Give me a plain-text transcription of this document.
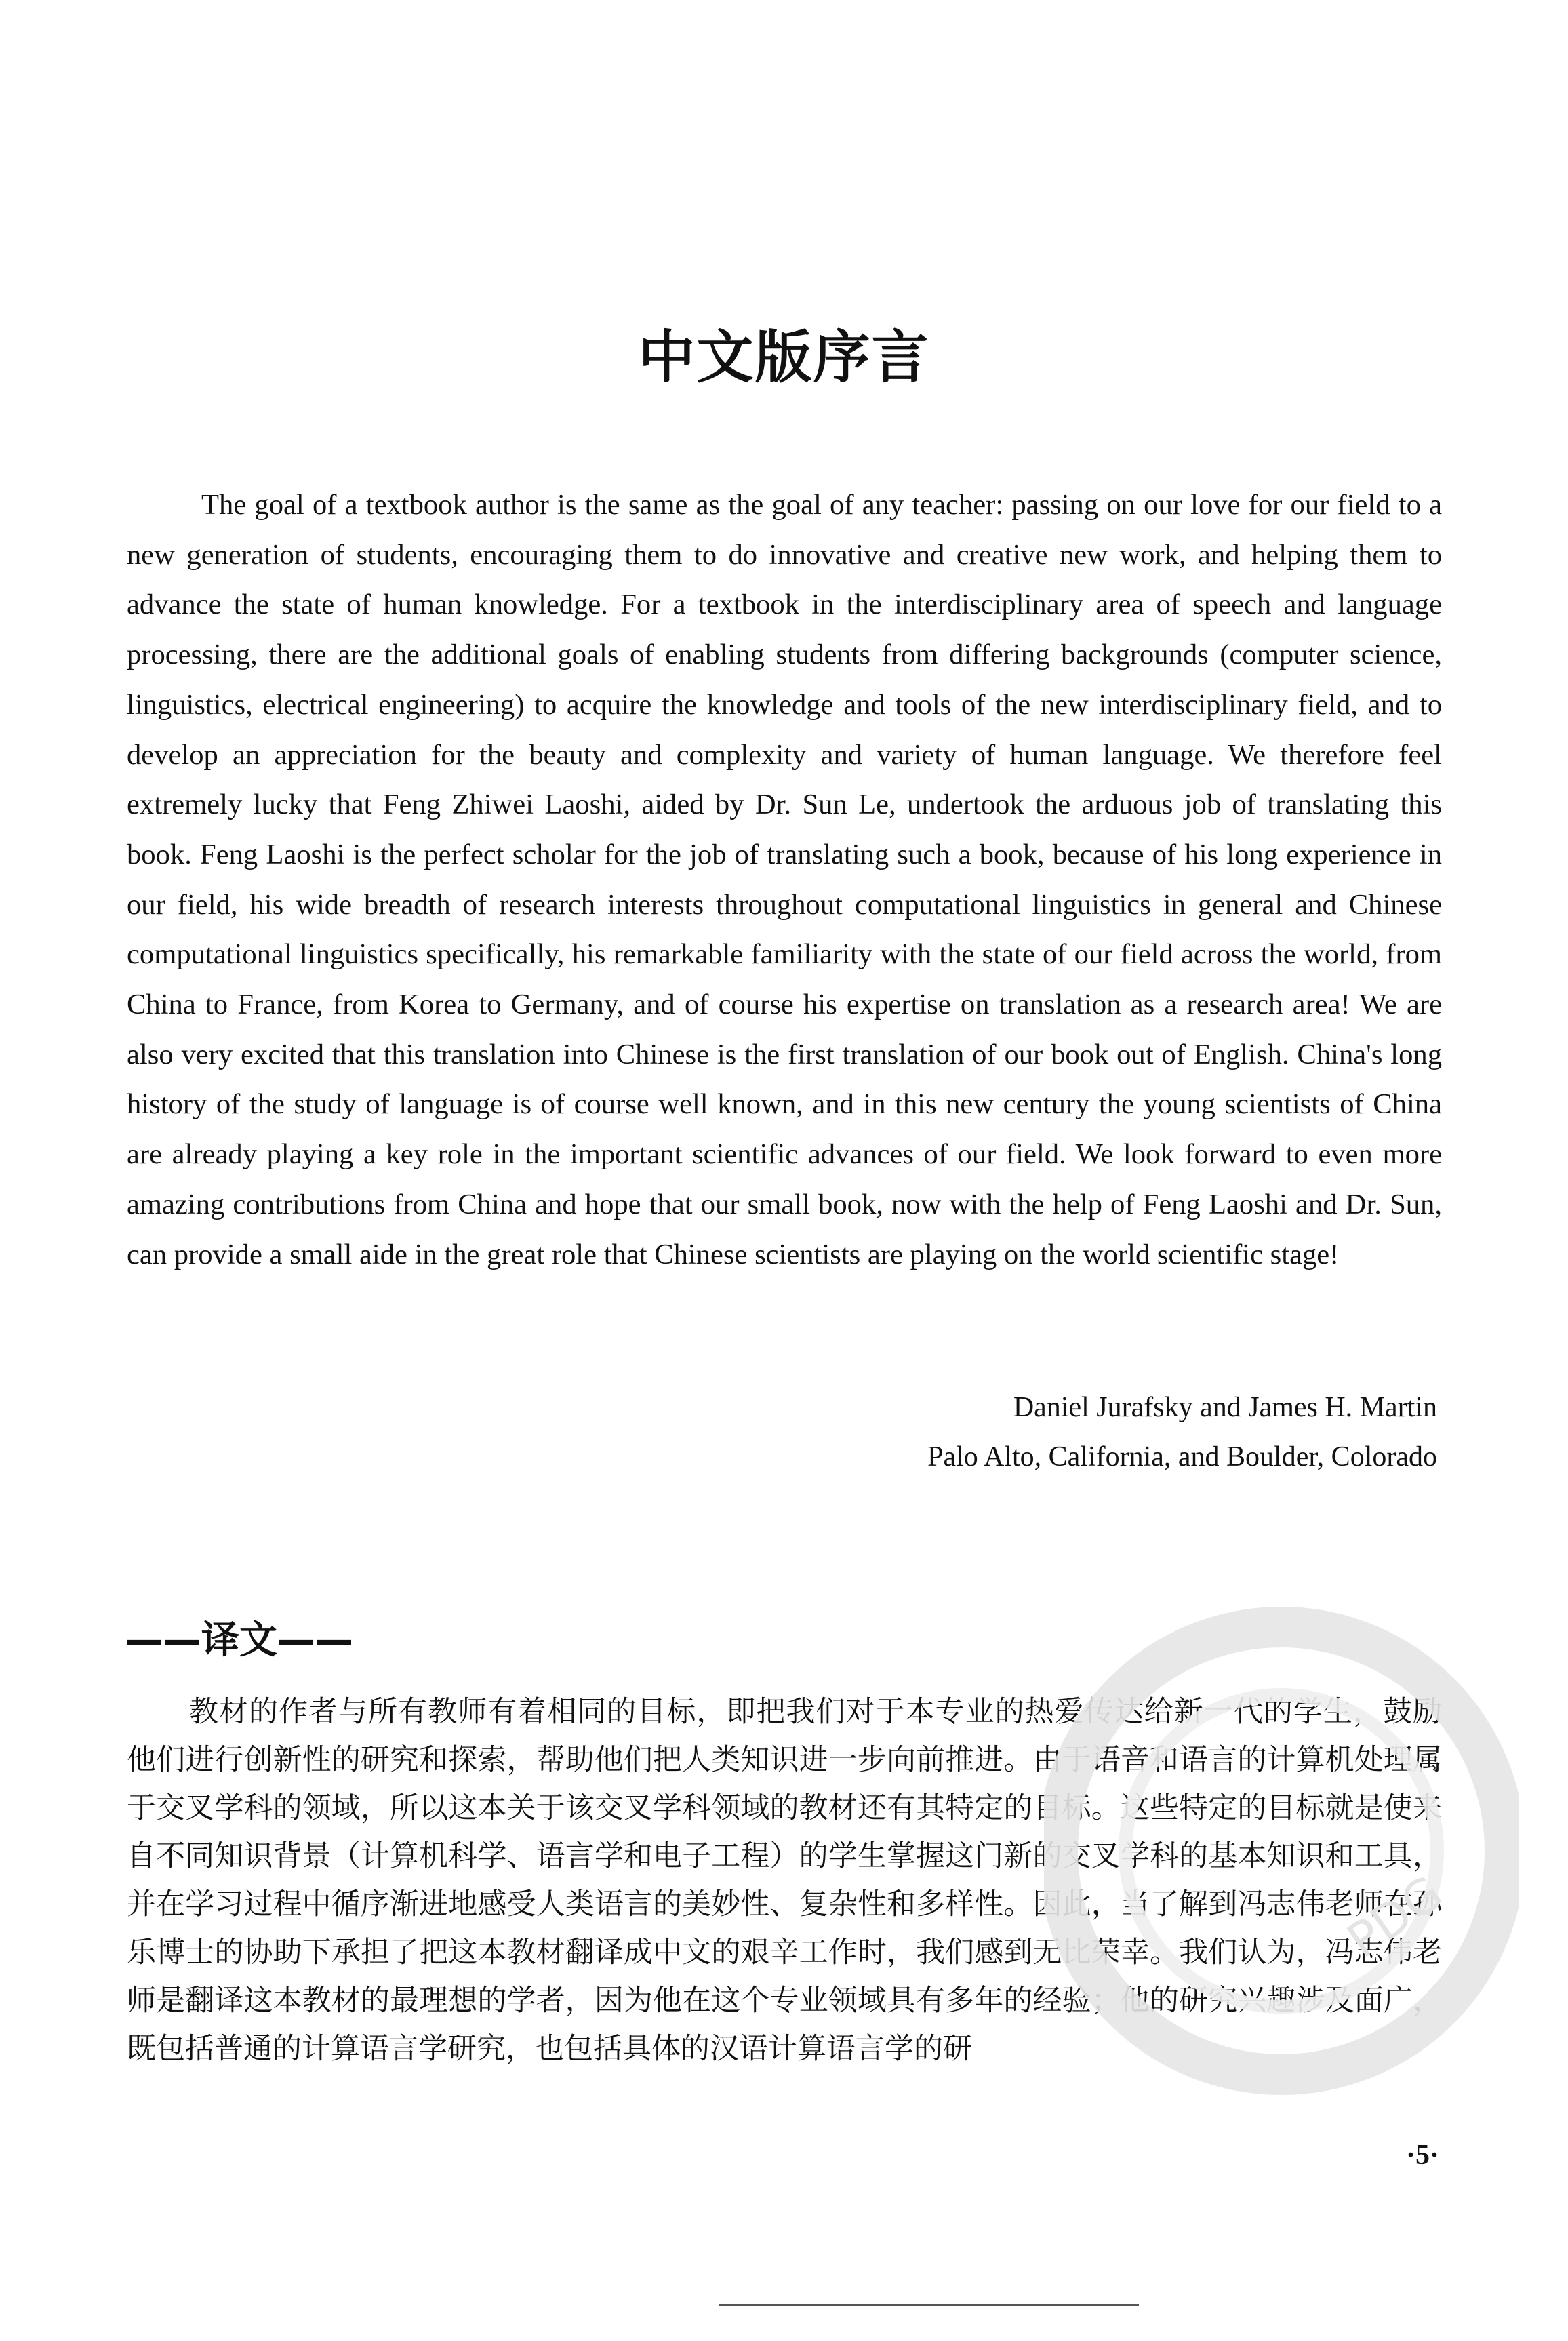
中文版序言

The goal of a textbook author is the same as the goal of any teacher: passing on our love for our field to a new generation of students, encouraging them to do innovative and creative new work, and helping them to advance the state of human knowledge. For a textbook in the interdisciplinary area of speech and language processing, there are the additional goals of enabling students from differing backgrounds (computer science, linguistics, electrical engineering) to acquire the knowledge and tools of the new interdisciplinary field, and to develop an appreciation for the beauty and complexity and variety of human language. We therefore feel extremely lucky that Feng Zhiwei Laoshi, aided by Dr. Sun Le, undertook the arduous job of translating this book. Feng Laoshi is the perfect scholar for the job of translating such a book, because of his long experience in our field, his wide breadth of research interests throughout computational linguistics in general and Chinese computational linguistics specifically, his remarkable familiarity with the state of our field across the world, from China to France, from Korea to Germany, and of course his expertise on translation as a research area! We are also very excited that this translation into Chinese is the first translation of our book out of English. China's long history of the study of language is of course well known, and in this new century the young scientists of China are already playing a key role in the important scientific advances of our field. We look forward to even more amazing contributions from China and hope that our small book, now with the help of Feng Laoshi and Dr. Sun, can provide a small aide in the great role that Chinese scientists are playing on the world scientific stage!

Daniel Jurafsky and James H. Martin
Palo Alto, California, and Boulder, Colorado
——译文——

教材的作者与所有教师有着相同的目标，即把我们对于本专业的热爱传达给新一代的学生，鼓励他们进行创新性的研究和探索，帮助他们把人类知识进一步向前推进。由于语音和语言的计算机处理属于交叉学科的领域，所以这本关于该交叉学科领域的教材还有其特定的目标。这些特定的目标就是使来自不同知识背景（计算机科学、语言学和电子工程）的学生掌握这门新的交叉学科的基本知识和工具，并在学习过程中循序渐进地感受人类语言的美妙性、复杂性和多样性。因此，当了解到冯志伟老师在孙乐博士的协助下承担了把这本教材翻译成中文的艰辛工作时，我们感到无比荣幸。我们认为，冯志伟老师是翻译这本教材的最理想的学者，因为他在这个专业领域具有多年的经验；他的研究兴趣涉及面广，既包括普通的计算语言学研究，也包括具体的汉语计算语言学的研

·5·
PDG
